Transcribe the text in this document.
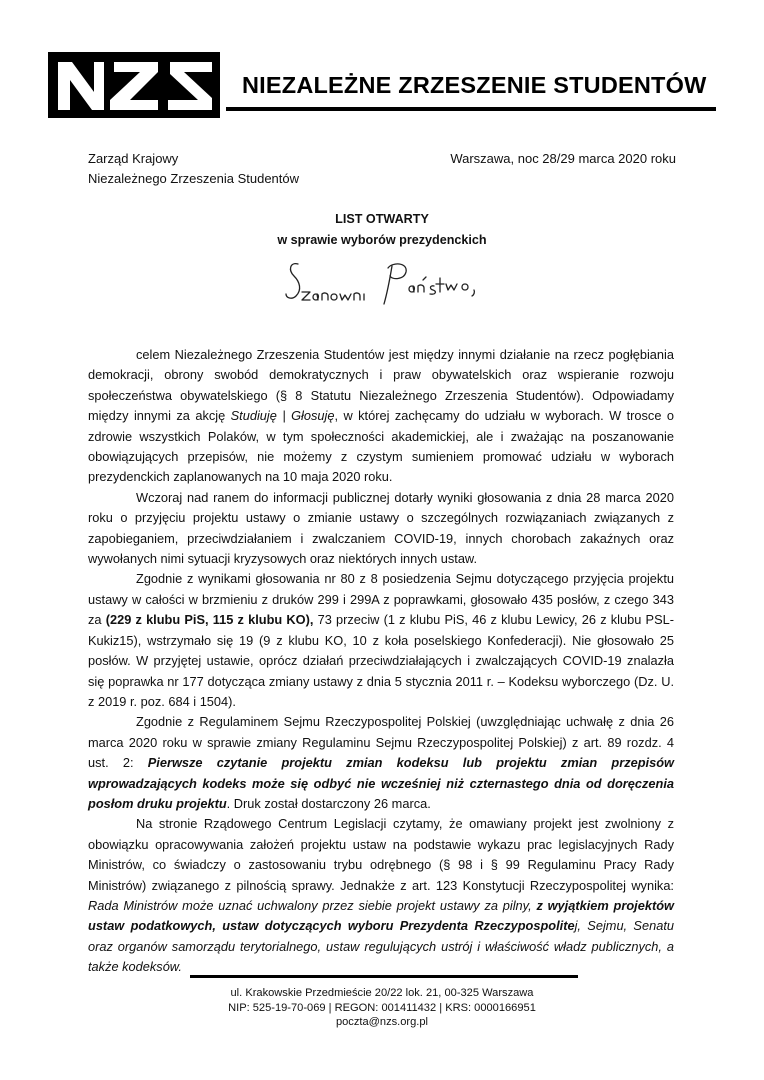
NIEZALEŻNE ZRZESZENIE STUDENTÓW
Zarząd Krajowy
Niezależnego Zrzeszenia Studentów
Warszawa, noc 28/29 marca 2020 roku
LIST OTWARTY
w sprawie wyborów prezydenckich

celem Niezależnego Zrzeszenia Studentów jest między innymi działanie na rzecz pogłębiania demokracji, obrony swobód demokratycznych i praw obywatelskich oraz wspieranie rozwoju społeczeństwa obywatelskiego (§ 8 Statutu Niezależnego Zrzeszenia Studentów). Odpowiadamy między innymi za akcję Studiuję | Głosuję, w której zachęcamy do udziału w wyborach. W trosce o zdrowie wszystkich Polaków, w tym społeczności akademickiej, ale i zważając na poszanowanie obowiązujących przepisów, nie możemy z czystym sumieniem promować udziału w wyborach prezydenckich zaplanowanych na 10 maja 2020 roku.

Wczoraj nad ranem do informacji publicznej dotarły wyniki głosowania z dnia 28 marca 2020 roku o przyjęciu projektu ustawy o zmianie ustawy o szczególnych rozwiązaniach związanych z zapobieganiem, przeciwdziałaniem i zwalczaniem COVID-19, innych chorobach zakaźnych oraz wywołanych nimi sytuacji kryzysowych oraz niektórych innych ustaw.

Zgodnie z wynikami głosowania nr 80 z 8 posiedzenia Sejmu dotyczącego przyjęcia projektu ustawy w całości w brzmieniu z druków 299 i 299A z poprawkami, głosowało 435 posłów, z czego 343 za (229 z klubu PiS, 115 z klubu KO), 73 przeciw (1 z klubu PiS, 46 z klubu Lewicy, 26 z klubu PSL-Kukiz15), wstrzymało się 19 (9 z klubu KO, 10 z koła poselskiego Konfederacji). Nie głosowało 25 posłów. W przyjętej ustawie, oprócz działań przeciwdziałających i zwalczających COVID-19 znalazła się poprawka nr 177 dotycząca zmiany ustawy z dnia 5 stycznia 2011 r. – Kodeksu wyborczego (Dz. U. z 2019 r. poz. 684 i 1504).

Zgodnie z Regulaminem Sejmu Rzeczypospolitej Polskiej (uwzględniając uchwałę z dnia 26 marca 2020 roku w sprawie zmiany Regulaminu Sejmu Rzeczypospolitej Polskiej) z art. 89 rozdz. 4 ust. 2: Pierwsze czytanie projektu zmian kodeksu lub projektu zmian przepisów wprowadzających kodeks może się odbyć nie wcześniej niż czternastego dnia od doręczenia posłom druku projektu. Druk został dostarczony 26 marca.

Na stronie Rządowego Centrum Legislacji czytamy, że omawiany projekt jest zwolniony z obowiązku opracowywania założeń projektu ustaw na podstawie wykazu prac legislacyjnych Rady Ministrów, co świadczy o zastosowaniu trybu odrębnego (§ 98 i § 99 Regulaminu Pracy Rady Ministrów) związanego z pilnością sprawy. Jednakże z art. 123 Konstytucji Rzeczypospolitej wynika: Rada Ministrów może uznać uchwalony przez siebie projekt ustawy za pilny, z wyjątkiem projektów ustaw podatkowych, ustaw dotyczących wyboru Prezydenta Rzeczypospolitej, Sejmu, Senatu oraz organów samorządu terytorialnego, ustaw regulujących ustrój i właściwość władz publicznych, a także kodeksów.

ul. Krakowskie Przedmieście 20/22 lok. 21, 00-325 Warszawa
NIP: 525-19-70-069 | REGON: 001411432 | KRS: 0000166951
poczta@nzs.org.pl
